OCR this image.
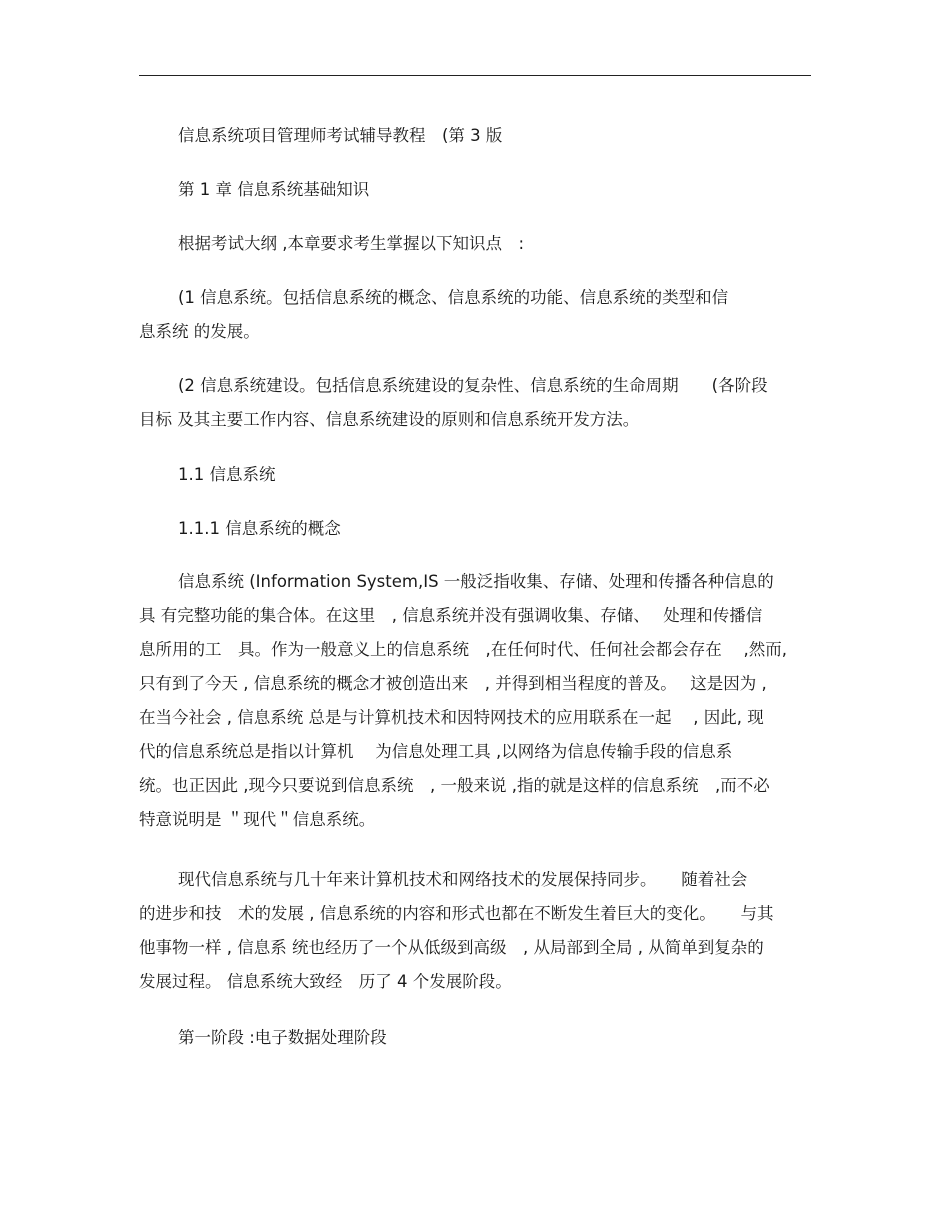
信息系统项目管理师考试辅导教程　(第 3 版

第 1 章 信息系统基础知识

根据考试大纲 ,本章要求考生掌握以下知识点　:

(1 信息系统。包括信息系统的概念、信息系统的功能、信息系统的类型和信
息系统 的发展。

(2 信息系统建设。包括信息系统建设的复杂性、信息系统的生命周期　　(各阶段
目标 及其主要工作内容、信息系统建设的原则和信息系统开发方法。

1.1 信息系统

1.1.1 信息系统的概念

信息系统 (Information System,IS 一般泛指收集、存储、处理和传播各种信息的
具 有完整功能的集合体。在这里　, 信息系统并没有强调收集、存储、　 处理和传播信
息所用的工　具。作为一般意义上的信息系统　,在任何时代、任何社会都会存在　 ,然而,
只有到了今天 , 信息系统的概念才被创造出来　, 并得到相当程度的普及。　 这是因为 ,
在当今社会 , 信息系统 总是与计算机技术和因特网技术的应用联系在一起　 , 因此, 现
代的信息系统总是指以计算机　 为信息处理工具 ,以网络为信息传输手段的信息系
统。也正因此 ,现今只要说到信息系统　, 一般来说 ,指的就是这样的信息系统　,而不必
特意说明是 ＂现代＂信息系统。

现代信息系统与几十年来计算机技术和网络技术的发展保持同步。　　随着社会
的进步和技　术的发展 , 信息系统的内容和形式也都在不断发生着巨大的变化。　　与其
他事物一样 , 信息系 统也经历了一个从低级到高级　, 从局部到全局 , 从简单到复杂的
发展过程。 信息系统大致经　历了 4 个发展阶段。

第一阶段 :电子数据处理阶段
